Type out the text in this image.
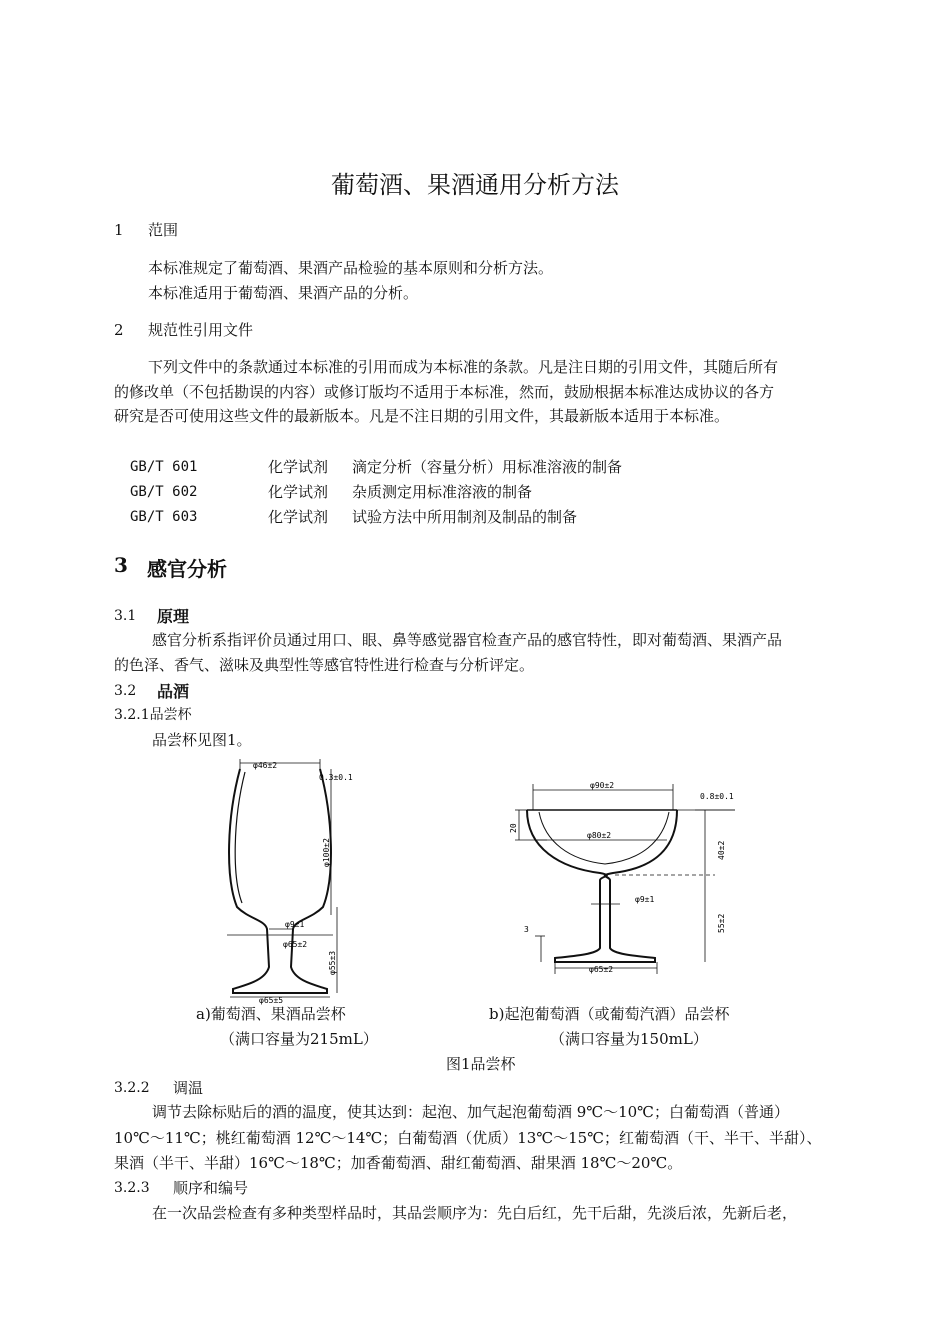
葡萄酒、果酒通用分析方法
1 范围
本标准规定了葡萄酒、果酒产品检验的基本原则和分析方法。
本标准适用于葡萄酒、果酒产品的分析。
2 规范性引用文件
下列文件中的条款通过本标准的引用而成为本标准的条款。凡是注日期的引用文件，其随后所有
的修改单（不包括勘误的内容）或修订版均不适用于本标准，然而，鼓励根据本标准达成协议的各方
研究是否可使用这些文件的最新版本。凡是不注日期的引用文件，其最新版本适用于本标准。
GB/T 601	化学试剂 滴定分析（容量分析）用标准溶液的制备
GB/T 602	化学试剂 杂质测定用标准溶液的制备
GB/T 603	化学试剂 试验方法中所用制剂及制品的制备
3 感官分析
3.1 原理
感官分析系指评价员通过用口、眼、鼻等感觉器官检查产品的感官特性，即对葡萄酒、果酒产品
的色泽、香气、滋味及典型性等感官特性进行检查与分析评定。
3.2 品酒
3.2.1品尝杯
品尝杯见图1。
φ46±2
0.3±0.1
φ100±2
φ9±1
φ65±2
φ55±3
φ65±5
φ90±2
0.8±0.1
20
φ80±2
40±2
φ9±1
55±2
3
φ65±2
a)葡萄酒、果酒品尝杯
（满口容量为215mL）
b)起泡葡萄酒（或葡萄汽酒）品尝杯
（满口容量为150mL）
图1品尝杯
3.2.2 调温
调节去除标贴后的酒的温度，使其达到：起泡、加气起泡葡萄酒 9℃～10℃；白葡萄酒（普通）
10℃～11℃；桃红葡萄酒 12℃～14℃；白葡萄酒（优质）13℃～15℃；红葡萄酒（干、半干、半甜）、
果酒（半干、半甜）16℃～18℃；加香葡萄酒、甜红葡萄酒、甜果酒 18℃～20℃。
3.2.3 顺序和编号
在一次品尝检查有多种类型样品时，其品尝顺序为：先白后红，先干后甜，先淡后浓，先新后老，
